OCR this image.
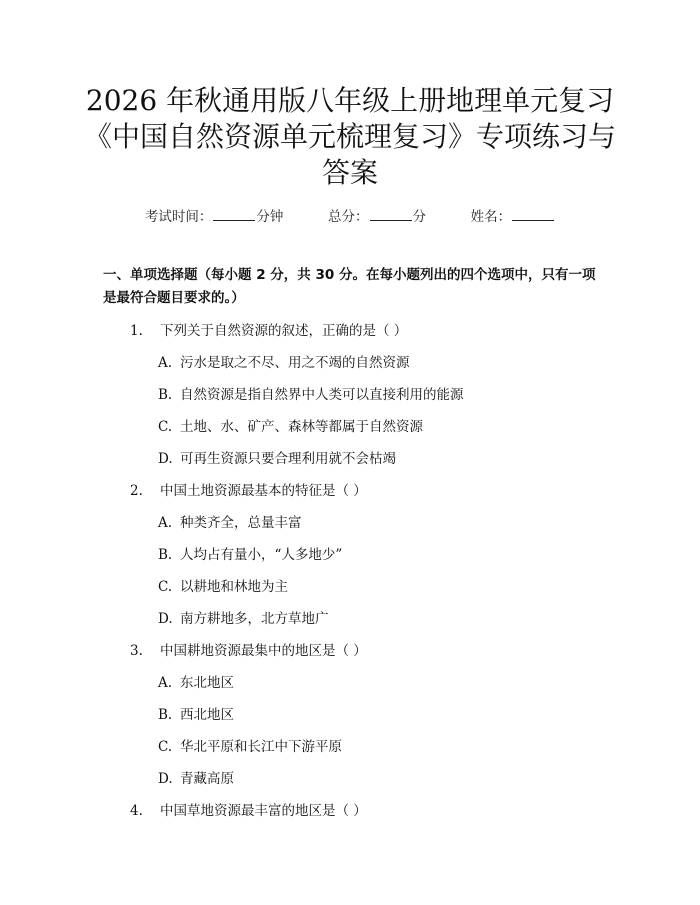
2026 年秋通用版八年级上册地理单元复习
《中国自然资源单元梳理复习》专项练习与
答案
考试时间：	分钟	总分：	分	姓名：
一、单项选择题（每小题 2 分，共 30 分。在每小题列出的四个选项中，只有一项是最符合题目要求的。）
1. 下列关于自然资源的叙述，正确的是（ ）
A. 污水是取之不尽、用之不竭的自然资源
B. 自然资源是指自然界中人类可以直接利用的能源
C. 土地、水、矿产、森林等都属于自然资源
D. 可再生资源只要合理利用就不会枯竭
2. 中国土地资源最基本的特征是（ ）
A. 种类齐全，总量丰富
B. 人均占有量小，“人多地少”
C. 以耕地和林地为主
D. 南方耕地多，北方草地广
3. 中国耕地资源最集中的地区是（ ）
A. 东北地区
B. 西北地区
C. 华北平原和长江中下游平原
D. 青藏高原
4. 中国草地资源最丰富的地区是（ ）
